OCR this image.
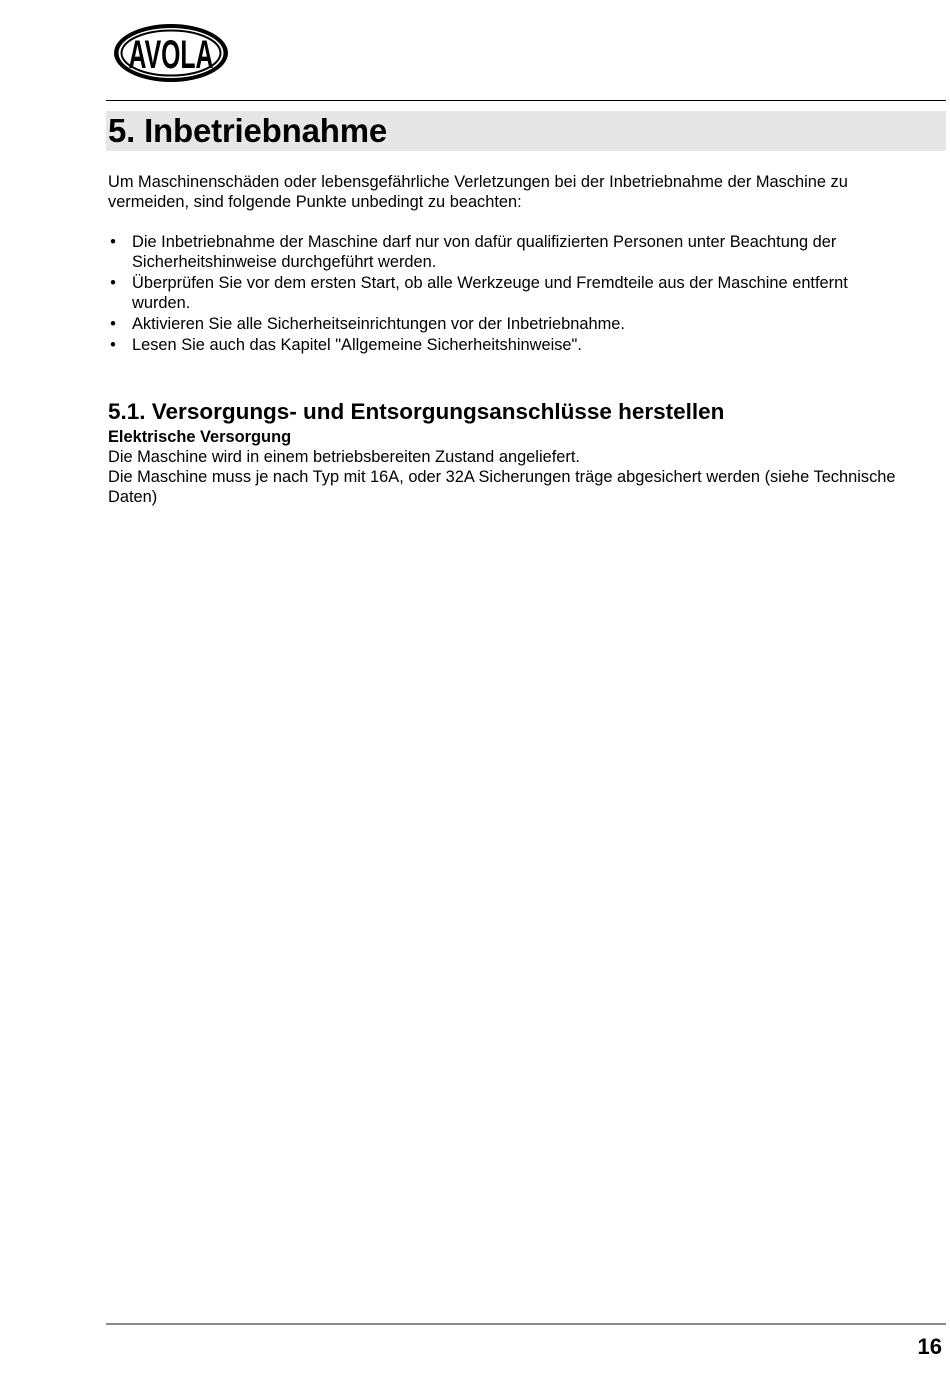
AVOLA
5. Inbetriebnahme

Um Maschinenschäden oder lebensgefährliche Verletzungen bei der Inbetriebnahme der Maschine zu vermeiden, sind folgende Punkte unbedingt zu beachten:

• Die Inbetriebnahme der Maschine darf nur von dafür qualifizierten Personen unter Beachtung der Sicherheitshinweise durchgeführt werden.
• Überprüfen Sie vor dem ersten Start, ob alle Werkzeuge und Fremdteile aus der Maschine entfernt wurden.
• Aktivieren Sie alle Sicherheitseinrichtungen vor der Inbetriebnahme.
• Lesen Sie auch das Kapitel "Allgemeine Sicherheitshinweise".
5.1. Versorgungs- und Entsorgungsanschlüsse herstellen

Elektrische Versorgung

Die Maschine wird in einem betriebsbereiten Zustand angeliefert.

Die Maschine muss je nach Typ mit 16A, oder 32A Sicherungen träge abgesichert werden (siehe Technische Daten)

16
